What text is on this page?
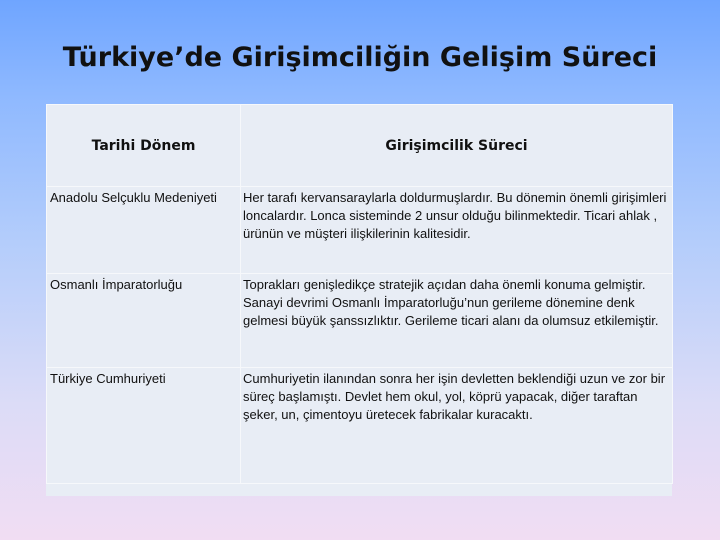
Türkiye’de Girişimciliğin Gelişim Süreci
Tarihi Dönem	Girişimcilik Süreci
Anadolu Selçuklu Medeniyeti	Her tarafı kervansaraylarla doldurmuşlardır. Bu dönemin önemli girişimleri loncalardır. Lonca sisteminde 2 unsur olduğu bilinmektedir. Ticari ahlak , ürünün ve müşteri ilişkilerinin kalitesidir.
Osmanlı İmparatorluğu	Toprakları genişledikçe stratejik açıdan daha önemli konuma gelmiştir. Sanayi devrimi Osmanlı İmparatorluğu’nun gerileme dönemine denk gelmesi büyük şanssızlıktır. Gerileme ticari alanı da olumsuz etkilemiştir.
Türkiye Cumhuriyeti	Cumhuriyetin ilanından sonra her işin devletten beklendiği uzun ve zor bir süreç başlamıştı. Devlet hem okul, yol, köprü yapacak, diğer taraftan şeker, un, çimentoyu üretecek fabrikalar kuracaktı.
